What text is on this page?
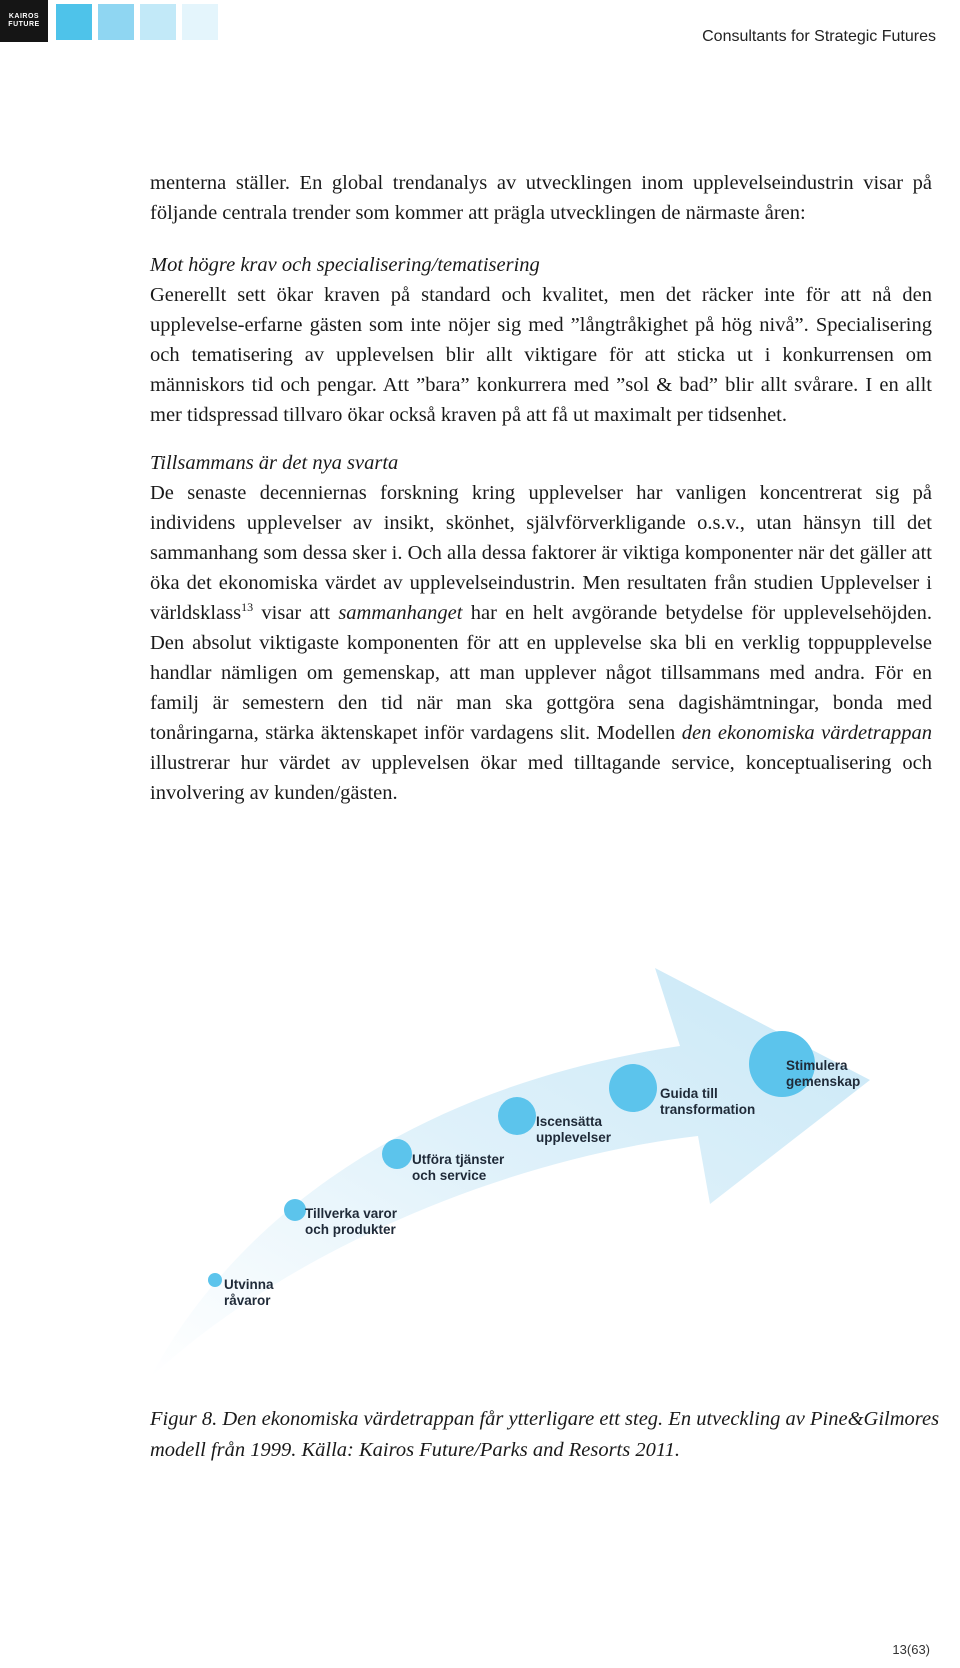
KAIROS
FUTURE
Consultants for Strategic Futures

menterna ställer. En global trendanalys av utvecklingen inom upplevelseindustrin visar på följande centrala trender som kommer att prägla utvecklingen de närmaste åren:

Mot högre krav och specialisering/tematisering

Generellt sett ökar kraven på standard och kvalitet, men det räcker inte för att nå den upplevelse-erfarne gästen som inte nöjer sig med ”långtråkighet på hög nivå”. Specialisering och tematisering av upplevelsen blir allt viktigare för att sticka ut i konkurrensen om människors tid och pengar. Att ”bara” konkurrera med ”sol & bad” blir allt svårare. I en allt mer tidspressad tillvaro ökar också kraven på att få ut maximalt per tidsenhet.

Tillsammans är det nya svarta

De senaste decenniernas forskning kring upplevelser har vanligen koncentrerat sig på individens upplevelser av insikt, skönhet, självförverkligande o.s.v., utan hänsyn till det sammanhang som dessa sker i. Och alla dessa faktorer är viktiga komponenter när det gäller att öka det ekonomiska värdet av upplevelseindustrin. Men resultaten från studien Upplevelser i världsklass$^{13}$ visar att sammanhanget har en helt avgörande betydelse för upplevelsehöjden. Den absolut viktigaste komponenten för att en upplevelse ska bli en verklig toppupplevelse handlar nämligen om gemenskap, att man upplever något tillsammans med andra. För en familj är semestern den tid när man ska gottgöra sena dagishämtningar, bonda med tonåringarna, stärka äktenskapet inför vardagens slit. Modellen den ekonomiska värdetrappan illustrerar hur värdet av upplevelsen ökar med tilltagande service, konceptualisering och involvering av kunden/gästen.

Utvinna
råvaror
Tillverka varor
och produkter
Utföra tjänster
och service
Iscensätta
upplevelser
Guida till
transformation
Stimulera
gemenskap
Figur 8. Den ekonomiska värdetrappan får ytterligare ett steg. En utveckling av Pine&Gilmores modell från 1999. Källa: Kairos Future/Parks and Resorts 2011.
13(63)
